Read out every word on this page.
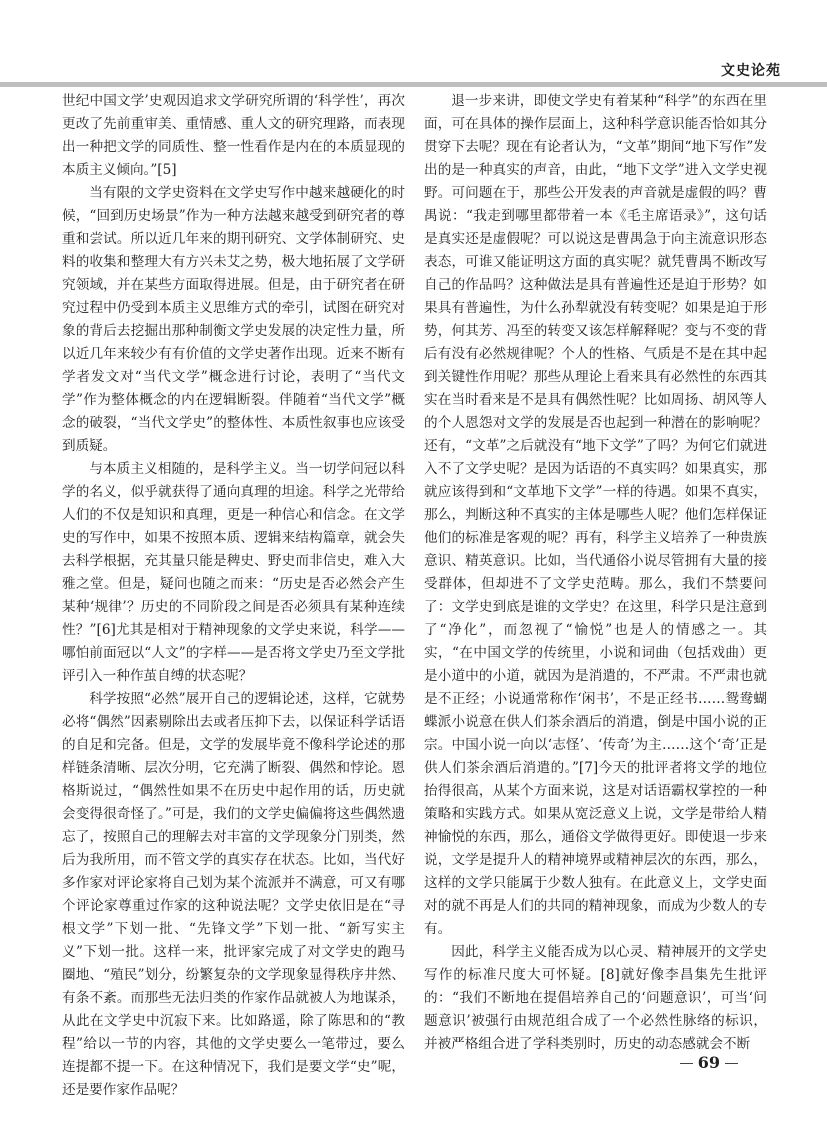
文史论苑

世纪中国文学’史观因追求文学研究所谓的‘科学性’，再次更改了先前重审美、重情感、重人文的研究理路，而表现出一种把文学的同质性、整一性看作是内在的本质显现的本质主义倾向。”[5]

当有限的文学史资料在文学史写作中越来越硬化的时候，“回到历史场景”作为一种方法越来越受到研究者的尊重和尝试。所以近几年来的期刊研究、文学体制研究、史料的收集和整理大有方兴未艾之势，极大地拓展了文学研究领域，并在某些方面取得进展。但是，由于研究者在研究过程中仍受到本质主义思维方式的牵引，试图在研究对象的背后去挖掘出那种制衡文学史发展的决定性力量，所以近几年来较少有有价值的文学史著作出现。近来不断有学者发文对“当代文学”概念进行讨论，表明了“当代文学”作为整体概念的内在逻辑断裂。伴随着“当代文学”概念的破裂，“当代文学史”的整体性、本质性叙事也应该受到质疑。

与本质主义相随的，是科学主义。当一切学问冠以科学的名义，似乎就获得了通向真理的坦途。科学之光带给人们的不仅是知识和真理，更是一种信心和信念。在文学史的写作中，如果不按照本质、逻辑来结构篇章，就会失去科学根据，充其量只能是稗史、野史而非信史，难入大雅之堂。但是，疑问也随之而来：“历史是否必然会产生某种‘规律’？历史的不同阶段之间是否必须具有某种连续性？”[6]尤其是相对于精神现象的文学史来说，科学——哪怕前面冠以“人文”的字样——是否将文学史乃至文学批评引入一种作茧自缚的状态呢？

科学按照“必然”展开自己的逻辑论述，这样，它就势必将“偶然”因素剔除出去或者压抑下去，以保证科学话语的自足和完备。但是，文学的发展毕竟不像科学论述的那样链条清晰、层次分明，它充满了断裂、偶然和悖论。恩格斯说过，“偶然性如果不在历史中起作用的话，历史就会变得很奇怪了。”可是，我们的文学史偏偏将这些偶然遗忘了，按照自己的理解去对丰富的文学现象分门别类，然后为我所用，而不管文学的真实存在状态。比如，当代好多作家对评论家将自己划为某个流派并不满意，可又有哪个评论家尊重过作家的这种说法呢？文学史依旧是在“寻根文学”下划一批、“先锋文学”下划一批、“新写实主义”下划一批。这样一来，批评家完成了对文学史的跑马圈地、“殖民”划分，纷繁复杂的文学现象显得秩序井然、有条不紊。而那些无法归类的作家作品就被人为地谋杀，从此在文学史中沉寂下来。比如路遥，除了陈思和的“教程”给以一节的内容，其他的文学史要么一笔带过，要么连提都不提一下。在这种情况下，我们是要文学“史”呢，还是要作家作品呢？

退一步来讲，即使文学史有着某种“科学”的东西在里面，可在具体的操作层面上，这种科学意识能否恰如其分贯穿下去呢？现在有论者认为，“文革”期间“地下写作”发出的是一种真实的声音，由此，“地下文学”进入文学史视野。可问题在于，那些公开发表的声音就是虚假的吗？曹禺说：“我走到哪里都带着一本《毛主席语录》”，这句话是真实还是虚假呢？可以说这是曹禺急于向主流意识形态表态，可谁又能证明这方面的真实呢？就凭曹禺不断改写自己的作品吗？这种做法是具有普遍性还是迫于形势？如果具有普遍性，为什么孙犁就没有转变呢？如果是迫于形势，何其芳、冯至的转变又该怎样解释呢？变与不变的背后有没有必然规律呢？个人的性格、气质是不是在其中起到关键性作用呢？那些从理论上看来具有必然性的东西其实在当时看来是不是具有偶然性呢？比如周扬、胡风等人的个人恩怨对文学的发展是否也起到一种潜在的影响呢？还有，“文革”之后就没有“地下文学”了吗？为何它们就进入不了文学史呢？是因为话语的不真实吗？如果真实，那就应该得到和“文革地下文学”一样的待遇。如果不真实，那么，判断这种不真实的主体是哪些人呢？他们怎样保证他们的标准是客观的呢？再有，科学主义培养了一种贵族意识、精英意识。比如，当代通俗小说尽管拥有大量的接受群体，但却进不了文学史范畴。那么，我们不禁要问了：文学史到底是谁的文学史？在这里，科学只是注意到了“净化”，而忽视了“愉悦”也是人的情感之一。其实，“在中国文学的传统里，小说和词曲（包括戏曲）更是小道中的小道，就因为是消遣的，不严肃。不严肃也就是不正经；小说通常称作‘闲书’，不是正经书……鸳鸯蝴蝶派小说意在供人们茶余酒后的消遣，倒是中国小说的正宗。中国小说一向以‘志怪’、‘传奇’为主……这个‘奇’正是供人们茶余酒后消遣的。”[7]今天的批评者将文学的地位抬得很高，从某个方面来说，这是对话语霸权掌控的一种策略和实践方式。如果从宽泛意义上说，文学是带给人精神愉悦的东西，那么，通俗文学做得更好。即使退一步来说，文学是提升人的精神境界或精神层次的东西，那么，这样的文学只能属于少数人独有。在此意义上，文学史面对的就不再是人们的共同的精神现象，而成为少数人的专有。

因此，科学主义能否成为以心灵、精神展开的文学史写作的标准尺度大可怀疑。[8]就好像李昌集先生批评的：“我们不断地在提倡培养自己的‘问题意识’，可当‘问题意识’被强行由规范组合成了一个必然性脉络的标识，并被严格组合进了学科类别时，历史的动态感就会不断

69
